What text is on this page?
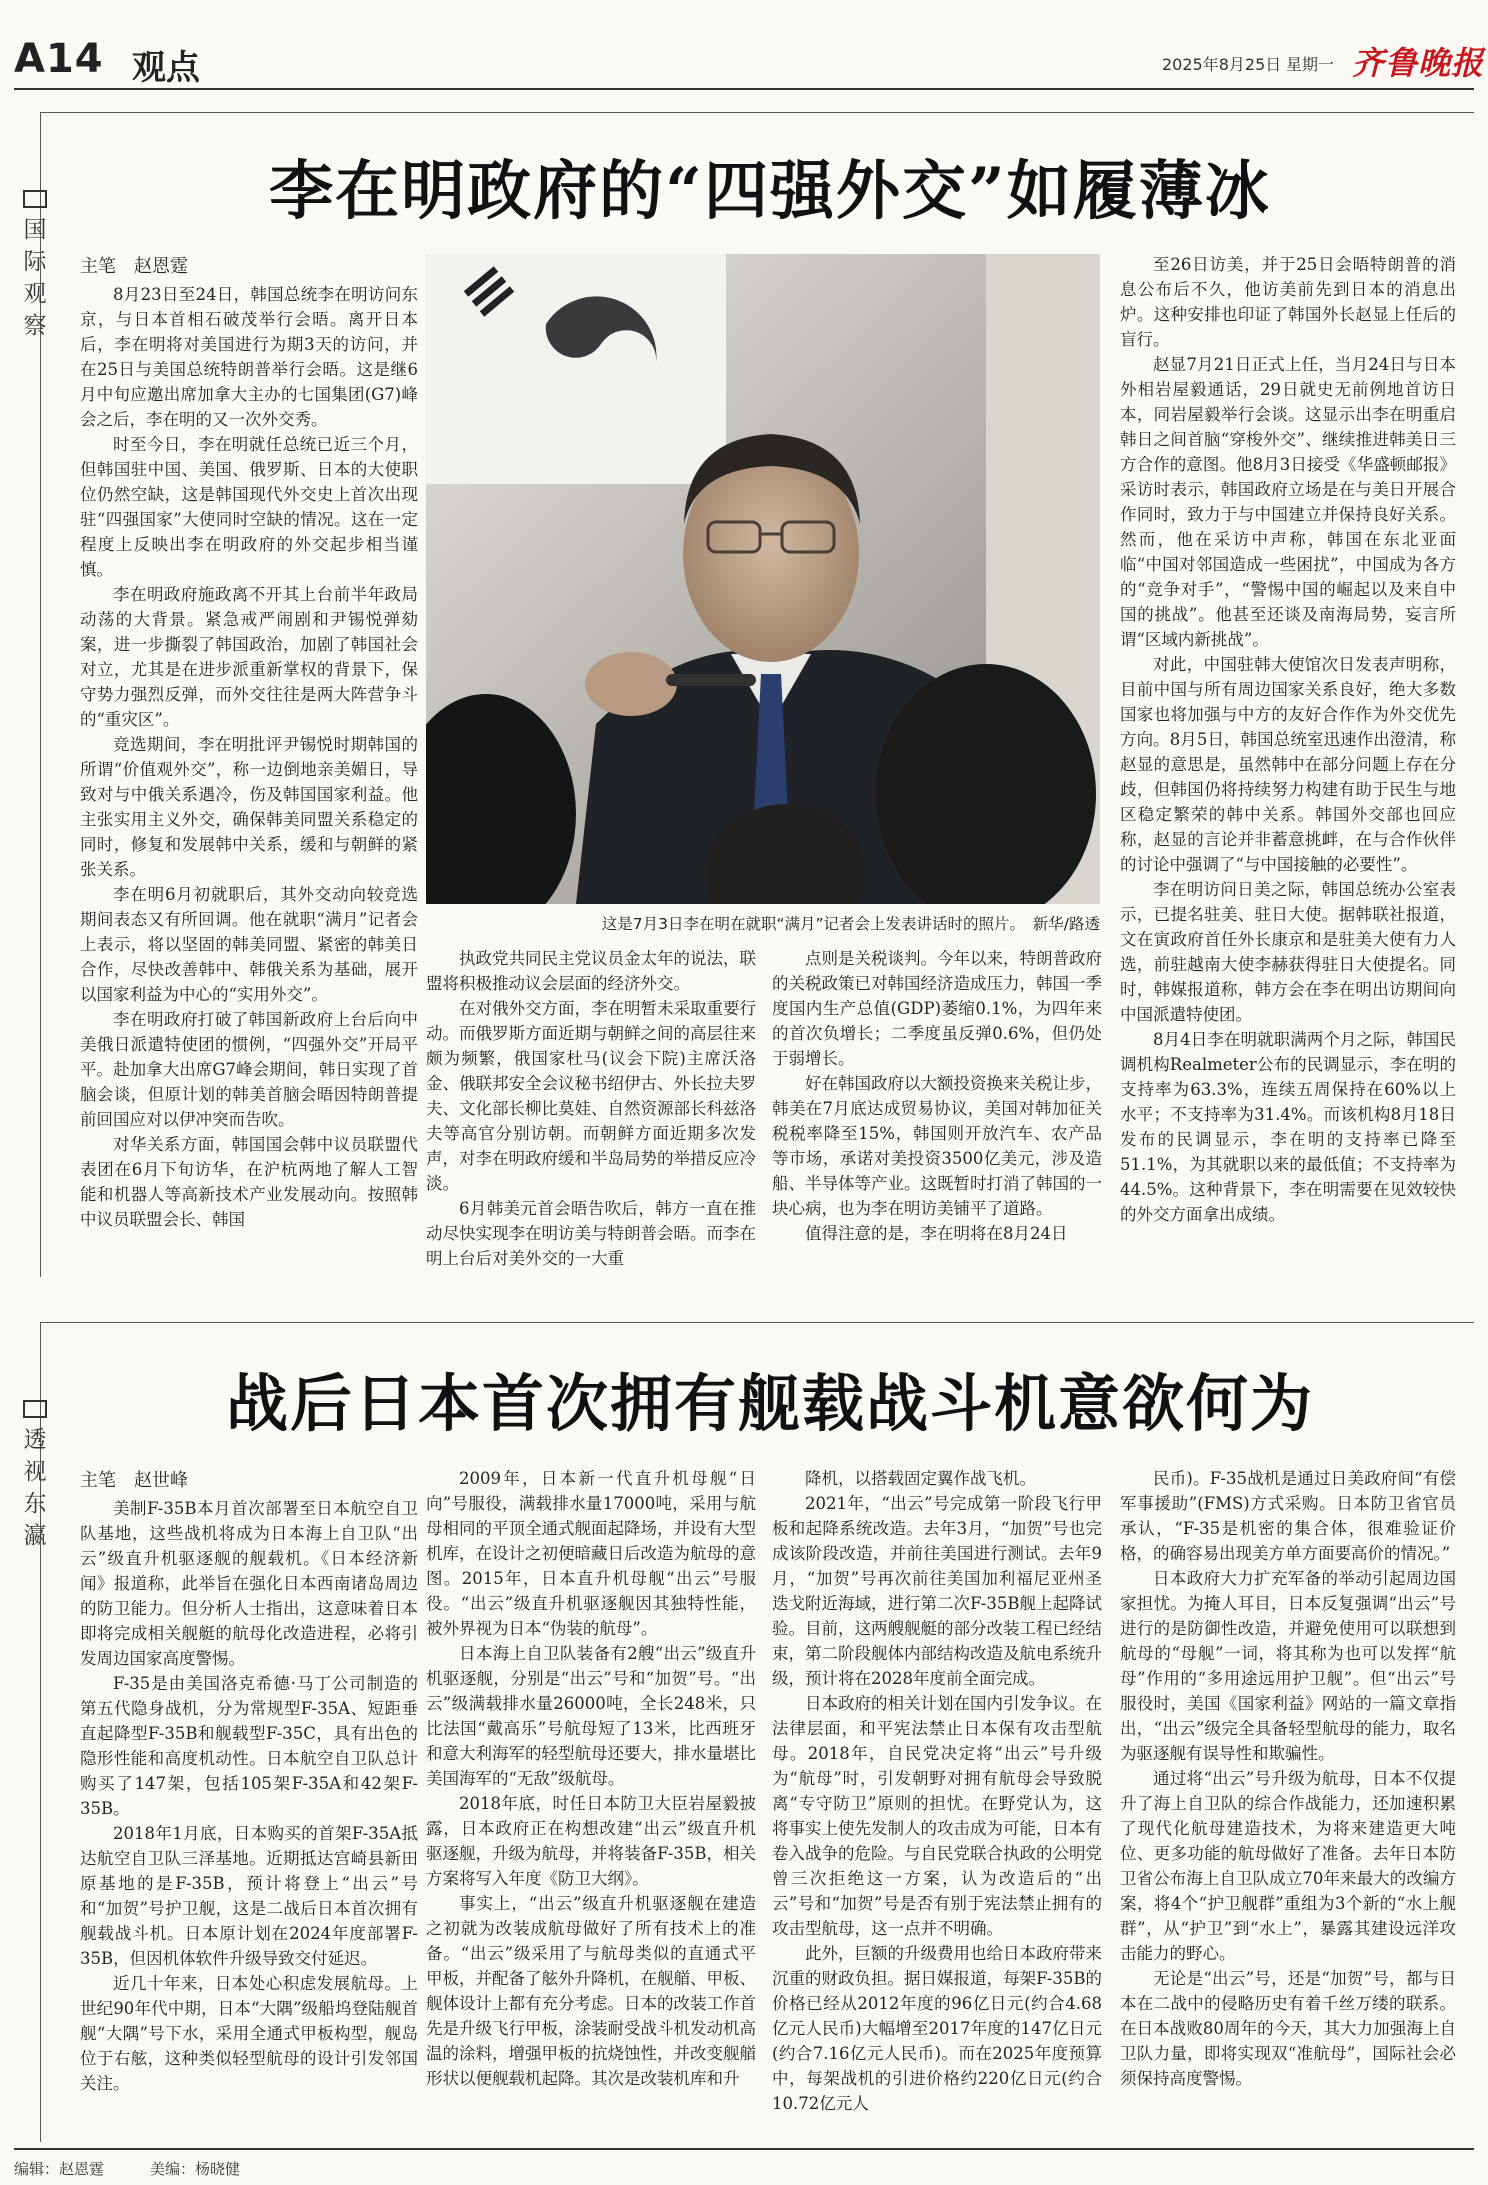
A14 观点	2025年8月25日 星期一 齐鲁晚报
国
际
观
察
李在明政府的“四强外交”如履薄冰
主笔　赵恩霆

8月23日至24日，韩国总统李在明访问东京，与日本首相石破茂举行会晤。离开日本后，李在明将对美国进行为期3天的访问，并在25日与美国总统特朗普举行会晤。这是继6月中旬应邀出席加拿大主办的七国集团(G7)峰会之后，李在明的又一次外交秀。

时至今日，李在明就任总统已近三个月，但韩国驻中国、美国、俄罗斯、日本的大使职位仍然空缺，这是韩国现代外交史上首次出现驻“四强国家”大使同时空缺的情况。这在一定程度上反映出李在明政府的外交起步相当谨慎。

李在明政府施政离不开其上台前半年政局动荡的大背景。紧急戒严闹剧和尹锡悦弹劾案，进一步撕裂了韩国政治，加剧了韩国社会对立，尤其是在进步派重新掌权的背景下，保守势力强烈反弹，而外交往往是两大阵营争斗的“重灾区”。

竞选期间，李在明批评尹锡悦时期韩国的所谓“价值观外交”，称一边倒地亲美媚日，导致对与中俄关系遇冷，伤及韩国国家利益。他主张实用主义外交，确保韩美同盟关系稳定的同时，修复和发展韩中关系，缓和与朝鲜的紧张关系。

李在明6月初就职后，其外交动向较竞选期间表态又有所回调。他在就职“满月”记者会上表示，将以坚固的韩美同盟、紧密的韩美日合作，尽快改善韩中、韩俄关系为基础，展开以国家利益为中心的“实用外交”。

李在明政府打破了韩国新政府上台后向中美俄日派遣特使团的惯例，“四强外交”开局平平。赴加拿大出席G7峰会期间，韩日实现了首脑会谈，但原计划的韩美首脑会晤因特朗普提前回国应对以伊冲突而告吹。

对华关系方面，韩国国会韩中议员联盟代表团在6月下旬访华，在沪杭两地了解人工智能和机器人等高新技术产业发展动向。按照韩中议员联盟会长、韩国

这是7月3日李在明在就职“满月”记者会上发表讲话时的照片。　新华/路透

执政党共同民主党议员金太年的说法，联盟将积极推动议会层面的经济外交。

在对俄外交方面，李在明暂未采取重要行动。而俄罗斯方面近期与朝鲜之间的高层往来颇为频繁，俄国家杜马(议会下院)主席沃洛金、俄联邦安全会议秘书绍伊古、外长拉夫罗夫、文化部长柳比莫娃、自然资源部长科兹洛夫等高官分别访朝。而朝鲜方面近期多次发声，对李在明政府缓和半岛局势的举措反应冷淡。

6月韩美元首会晤告吹后，韩方一直在推动尽快实现李在明访美与特朗普会晤。而李在明上台后对美外交的一大重

点则是关税谈判。今年以来，特朗普政府的关税政策已对韩国经济造成压力，韩国一季度国内生产总值(GDP)萎缩0.1%，为四年来的首次负增长；二季度虽反弹0.6%，但仍处于弱增长。

好在韩国政府以大额投资换来关税让步，韩美在7月底达成贸易协议，美国对韩加征关税税率降至15%，韩国则开放汽车、农产品等市场，承诺对美投资3500亿美元，涉及造船、半导体等产业。这既暂时打消了韩国的一块心病，也为李在明访美铺平了道路。

值得注意的是，李在明将在8月24日

至26日访美，并于25日会晤特朗普的消息公布后不久，他访美前先到日本的消息出炉。这种安排也印证了韩国外长赵显上任后的盲行。

赵显7月21日正式上任，当月24日与日本外相岩屋毅通话，29日就史无前例地首访日本，同岩屋毅举行会谈。这显示出李在明重启韩日之间首脑“穿梭外交”、继续推进韩美日三方合作的意图。他8月3日接受《华盛顿邮报》采访时表示，韩国政府立场是在与美日开展合作同时，致力于与中国建立并保持良好关系。然而，他在采访中声称，韩国在东北亚面临“中国对邻国造成一些困扰”，中国成为各方的“竞争对手”，“警惕中国的崛起以及来自中国的挑战”。他甚至还谈及南海局势，妄言所谓“区域内新挑战”。

对此，中国驻韩大使馆次日发表声明称，目前中国与所有周边国家关系良好，绝大多数国家也将加强与中方的友好合作作为外交优先方向。8月5日，韩国总统室迅速作出澄清，称赵显的意思是，虽然韩中在部分问题上存在分歧，但韩国仍将持续努力构建有助于民生与地区稳定繁荣的韩中关系。韩国外交部也回应称，赵显的言论并非蓄意挑衅，在与合作伙伴的讨论中强调了“与中国接触的必要性”。

李在明访问日美之际，韩国总统办公室表示，已提名驻美、驻日大使。据韩联社报道，文在寅政府首任外长康京和是驻美大使有力人选，前驻越南大使李赫获得驻日大使提名。同时，韩媒报道称，韩方会在李在明出访期间向中国派遣特使团。

8月4日李在明就职满两个月之际，韩国民调机构Realmeter公布的民调显示，李在明的支持率为63.3%，连续五周保持在60%以上水平；不支持率为31.4%。而该机构8月18日发布的民调显示，李在明的支持率已降至51.1%，为其就职以来的最低值；不支持率为44.5%。这种背景下，李在明需要在见效较快的外交方面拿出成绩。

透
视
东
瀛
战后日本首次拥有舰载战斗机意欲何为
主笔　赵世峰

美制F-35B本月首次部署至日本航空自卫队基地，这些战机将成为日本海上自卫队“出云”级直升机驱逐舰的舰载机。《日本经济新闻》报道称，此举旨在强化日本西南诸岛周边的防卫能力。但分析人士指出，这意味着日本即将完成相关舰艇的航母化改造进程，必将引发周边国家高度警惕。

F-35是由美国洛克希德·马丁公司制造的第五代隐身战机，分为常规型F-35A、短距垂直起降型F-35B和舰载型F-35C，具有出色的隐形性能和高度机动性。日本航空自卫队总计购买了147架，包括105架F-35A和42架F-35B。

2018年1月底，日本购买的首架F-35A抵达航空自卫队三泽基地。近期抵达宫崎县新田原基地的是F-35B，预计将登上“出云”号和“加贺”号护卫舰，这是二战后日本首次拥有舰载战斗机。日本原计划在2024年度部署F-35B，但因机体软件升级导致交付延迟。

近几十年来，日本处心积虑发展航母。上世纪90年代中期，日本“大隅”级船坞登陆舰首舰“大隅”号下水，采用全通式甲板构型，舰岛位于右舷，这种类似轻型航母的设计引发邻国关注。

2009年，日本新一代直升机母舰“日向”号服役，满载排水量17000吨，采用与航母相同的平顶全通式舰面起降场，并设有大型机库，在设计之初便暗藏日后改造为航母的意图。2015年，日本直升机母舰“出云”号服役。“出云”级直升机驱逐舰因其独特性能，被外界视为日本“伪装的航母”。

日本海上自卫队装备有2艘“出云”级直升机驱逐舰，分别是“出云”号和“加贺”号。“出云”级满载排水量26000吨，全长248米，只比法国“戴高乐”号航母短了13米，比西班牙和意大利海军的轻型航母还要大，排水量堪比美国海军的“无敌”级航母。

2018年底，时任日本防卫大臣岩屋毅披露，日本政府正在构想改建“出云”级直升机驱逐舰，升级为航母，并将装备F-35B，相关方案将写入年度《防卫大纲》。

事实上，“出云”级直升机驱逐舰在建造之初就为改装成航母做好了所有技术上的准备。“出云”级采用了与航母类似的直通式平甲板，并配备了舷外升降机，在舰艏、甲板、舰体设计上都有充分考虑。日本的改装工作首先是升级飞行甲板，涂装耐受战斗机发动机高温的涂料，增强甲板的抗烧蚀性，并改变舰艏形状以便舰载机起降。其次是改装机库和升

降机，以搭载固定翼作战飞机。

2021年，“出云”号完成第一阶段飞行甲板和起降系统改造。去年3月，“加贺”号也完成该阶段改造，并前往美国进行测试。去年9月，“加贺”号再次前往美国加利福尼亚州圣迭戈附近海域，进行第二次F-35B舰上起降试验。目前，这两艘舰艇的部分改装工程已经结束，第二阶段舰体内部结构改造及航电系统升级，预计将在2028年度前全面完成。

日本政府的相关计划在国内引发争议。在法律层面，和平宪法禁止日本保有攻击型航母。2018年，自民党决定将“出云”号升级为“航母”时，引发朝野对拥有航母会导致脱离“专守防卫”原则的担忧。在野党认为，这将事实上使先发制人的攻击成为可能，日本有卷入战争的危险。与自民党联合执政的公明党曾三次拒绝这一方案，认为改造后的“出云”号和“加贺”号是否有别于宪法禁止拥有的攻击型航母，这一点并不明确。

此外，巨额的升级费用也给日本政府带来沉重的财政负担。据日媒报道，每架F-35B的价格已经从2012年度的96亿日元(约合4.68亿元人民币)大幅增至2017年度的147亿日元(约合7.16亿元人民币)。而在2025年度预算中，每架战机的引进价格约220亿日元(约合10.72亿元人

民币)。F-35战机是通过日美政府间“有偿军事援助”(FMS)方式采购。日本防卫省官员承认，“F-35是机密的集合体，很难验证价格，的确容易出现美方单方面要高价的情况。”

日本政府大力扩充军备的举动引起周边国家担忧。为掩人耳目，日本反复强调“出云”号进行的是防御性改造，并避免使用可以联想到航母的“母舰”一词，将其称为也可以发挥“航母”作用的“多用途远用护卫舰”。但“出云”号服役时，美国《国家利益》网站的一篇文章指出，“出云”级完全具备轻型航母的能力，取名为驱逐舰有误导性和欺骗性。

通过将“出云”号升级为航母，日本不仅提升了海上自卫队的综合作战能力，还加速积累了现代化航母建造技术，为将来建造更大吨位、更多功能的航母做好了准备。去年日本防卫省公布海上自卫队成立70年来最大的改编方案，将4个“护卫舰群”重组为3个新的“水上舰群”，从“护卫”到“水上”，暴露其建设远洋攻击能力的野心。

无论是“出云”号，还是“加贺”号，都与日本在二战中的侵略历史有着千丝万缕的联系。在日本战败80周年的今天，其大力加强海上自卫队力量，即将实现双“准航母”，国际社会必须保持高度警惕。

编辑：赵恩霆	美编：杨晓健
